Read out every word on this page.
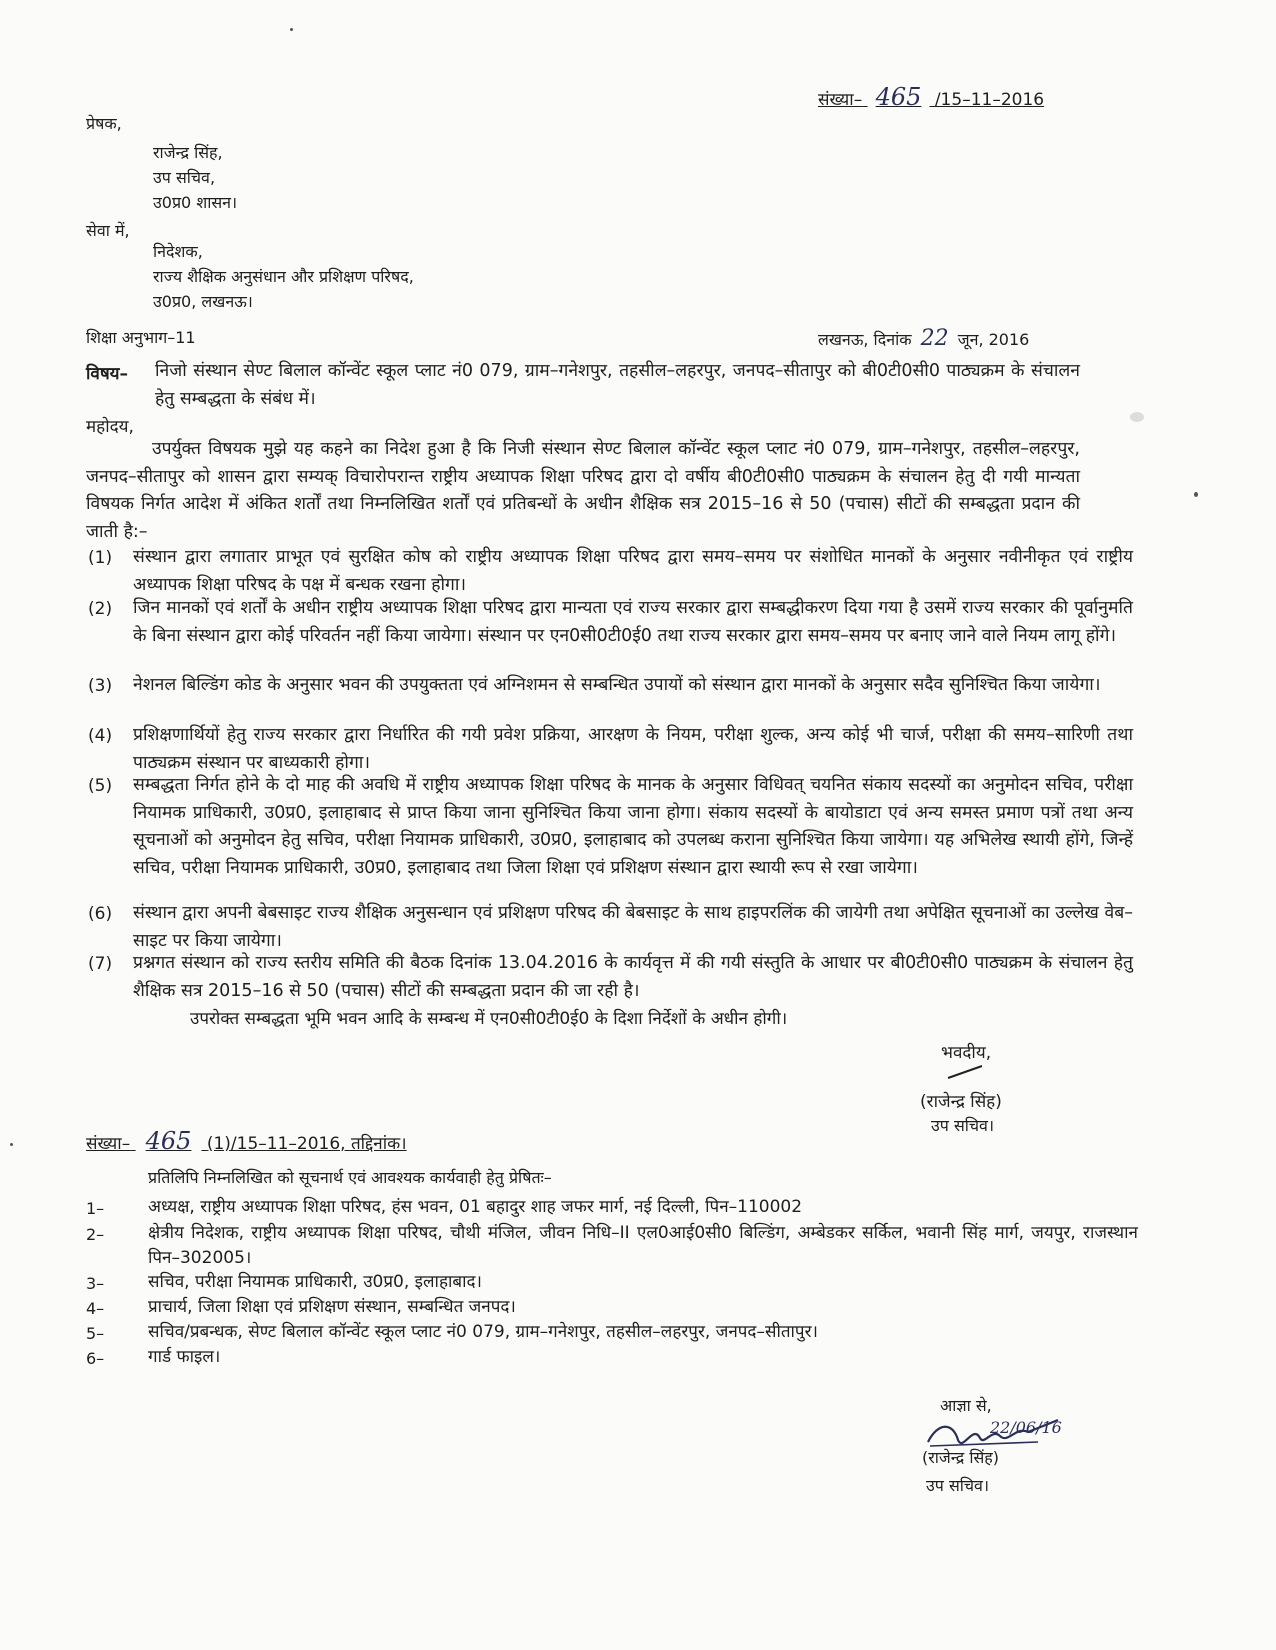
संख्या– 465 /15–11–2016
प्रेषक,
राजेन्द्र सिंह,
उप सचिव,
उ0प्र0 शासन।
सेवा में,
निदेशक,
राज्य शैक्षिक अनुसंधान और प्रशिक्षण परिषद,
उ0प्र0, लखनऊ।
शिक्षा अनुभाग–11	लखनऊ, दिनांक 22 जून, 2016
विषय– निजो संस्थान सेण्ट बिलाल कॉन्वेंट स्कूल प्लाट नं0 079, ग्राम–गनेशपुर, तहसील–लहरपुर, जनपद–सीतापुर को बी0टी0सी0 पाठ्यक्रम के संचालन हेतु सम्बद्धता के संबंध में।
महोदय,
उपर्युक्त विषयक मुझे यह कहने का निदेश हुआ है कि निजी संस्थान सेण्ट बिलाल कॉन्वेंट स्कूल प्लाट नं0 079, ग्राम–गनेशपुर, तहसील–लहरपुर, जनपद–सीतापुर को शासन द्वारा सम्यक् विचारोपरान्त राष्ट्रीय अध्यापक शिक्षा परिषद द्वारा दो वर्षीय बी0टी0सी0 पाठ्यक्रम के संचालन हेतु दी गयी मान्यता विषयक निर्गत आदेश में अंकित शर्तों तथा निम्नलिखित शर्तों एवं प्रतिबन्धों के अधीन शैक्षिक सत्र 2015–16 से 50 (पचास) सीटों की सम्बद्धता प्रदान की जाती है:–
(1) संस्थान द्वारा लगातार प्राभूत एवं सुरक्षित कोष को राष्ट्रीय अध्यापक शिक्षा परिषद द्वारा समय–समय पर संशोधित मानकों के अनुसार नवीनीकृत एवं राष्ट्रीय अध्यापक शिक्षा परिषद के पक्ष में बन्धक रखना होगा।
(2) जिन मानकों एवं शर्तों के अधीन राष्ट्रीय अध्यापक शिक्षा परिषद द्वारा मान्यता एवं राज्य सरकार द्वारा सम्बद्धीकरण दिया गया है उसमें राज्य सरकार की पूर्वानुमति के बिना संस्थान द्वारा कोई परिवर्तन नहीं किया जायेगा। संस्थान पर एन0सी0टी0ई0 तथा राज्य सरकार द्वारा समय–समय पर बनाए जाने वाले नियम लागू होंगे।
(3) नेशनल बिल्डिंग कोड के अनुसार भवन की उपयुक्तता एवं अग्निशमन से सम्बन्धित उपायों को संस्थान द्वारा मानकों के अनुसार सदैव सुनिश्चित किया जायेगा।
(4) प्रशिक्षणार्थियों हेतु राज्य सरकार द्वारा निर्धारित की गयी प्रवेश प्रक्रिया, आरक्षण के नियम, परीक्षा शुल्क, अन्य कोई भी चार्ज, परीक्षा की समय–सारिणी तथा पाठ्यक्रम संस्थान पर बाध्यकारी होगा।
(5) सम्बद्धता निर्गत होने के दो माह की अवधि में राष्ट्रीय अध्यापक शिक्षा परिषद के मानक के अनुसार विधिवत् चयनित संकाय सदस्यों का अनुमोदन सचिव, परीक्षा नियामक प्राधिकारी, उ0प्र0, इलाहाबाद से प्राप्त किया जाना सुनिश्चित किया जाना होगा। संकाय सदस्यों के बायोडाटा एवं अन्य समस्त प्रमाण पत्रों तथा अन्य सूचनाओं को अनुमोदन हेतु सचिव, परीक्षा नियामक प्राधिकारी, उ0प्र0, इलाहाबाद को उपलब्ध कराना सुनिश्चित किया जायेगा। यह अभिलेख स्थायी होंगे, जिन्हें सचिव, परीक्षा नियामक प्राधिकारी, उ0प्र0, इलाहाबाद तथा जिला शिक्षा एवं प्रशिक्षण संस्थान द्वारा स्थायी रूप से रखा जायेगा।
(6) संस्थान द्वारा अपनी बेबसाइट राज्य शैक्षिक अनुसन्धान एवं प्रशिक्षण परिषद की बेबसाइट के साथ हाइपरलिंक की जायेगी तथा अपेक्षित सूचनाओं का उल्लेख वेब–साइट पर किया जायेगा।
(7) प्रश्नगत संस्थान को राज्य स्तरीय समिति की बैठक दिनांक 13.04.2016 के कार्यवृत्त में की गयी संस्तुति के आधार पर बी0टी0सी0 पाठ्यक्रम के संचालन हेतु शैक्षिक सत्र 2015–16 से 50 (पचास) सीटों की सम्बद्धता प्रदान की जा रही है।
उपरोक्त सम्बद्धता भूमि भवन आदि के सम्बन्ध में एन0सी0टी0ई0 के दिशा निर्देशों के अधीन होगी।
भवदीय,
(राजेन्द्र सिंह)
उप सचिव।
संख्या– 465 (1)/15–11–2016, तद्दिनांक।
प्रतिलिपि निम्नलिखित को सूचनार्थ एवं आवश्यक कार्यवाही हेतु प्रेषितः–
1–	अध्यक्ष, राष्ट्रीय अध्यापक शिक्षा परिषद, हंस भवन, 01 बहादुर शाह जफर मार्ग, नई दिल्ली, पिन–110002
2–	क्षेत्रीय निदेशक, राष्ट्रीय अध्यापक शिक्षा परिषद, चौथी मंजिल, जीवन निधि–II एल0आई0सी0 बिल्डिंग, अम्बेडकर सर्किल, भवानी सिंह मार्ग, जयपुर, राजस्थान पिन–302005।
3–	सचिव, परीक्षा नियामक प्राधिकारी, उ0प्र0, इलाहाबाद।
4–	प्राचार्य, जिला शिक्षा एवं प्रशिक्षण संस्थान, सम्बन्धित जनपद।
5–	सचिव/प्रबन्धक, सेण्ट बिलाल कॉन्वेंट स्कूल प्लाट नं0 079, ग्राम–गनेशपुर, तहसील–लहरपुर, जनपद–सीतापुर।
6–	गार्ड फाइल।
आज्ञा से,
22/06/16
(राजेन्द्र सिंह)
उप सचिव।
